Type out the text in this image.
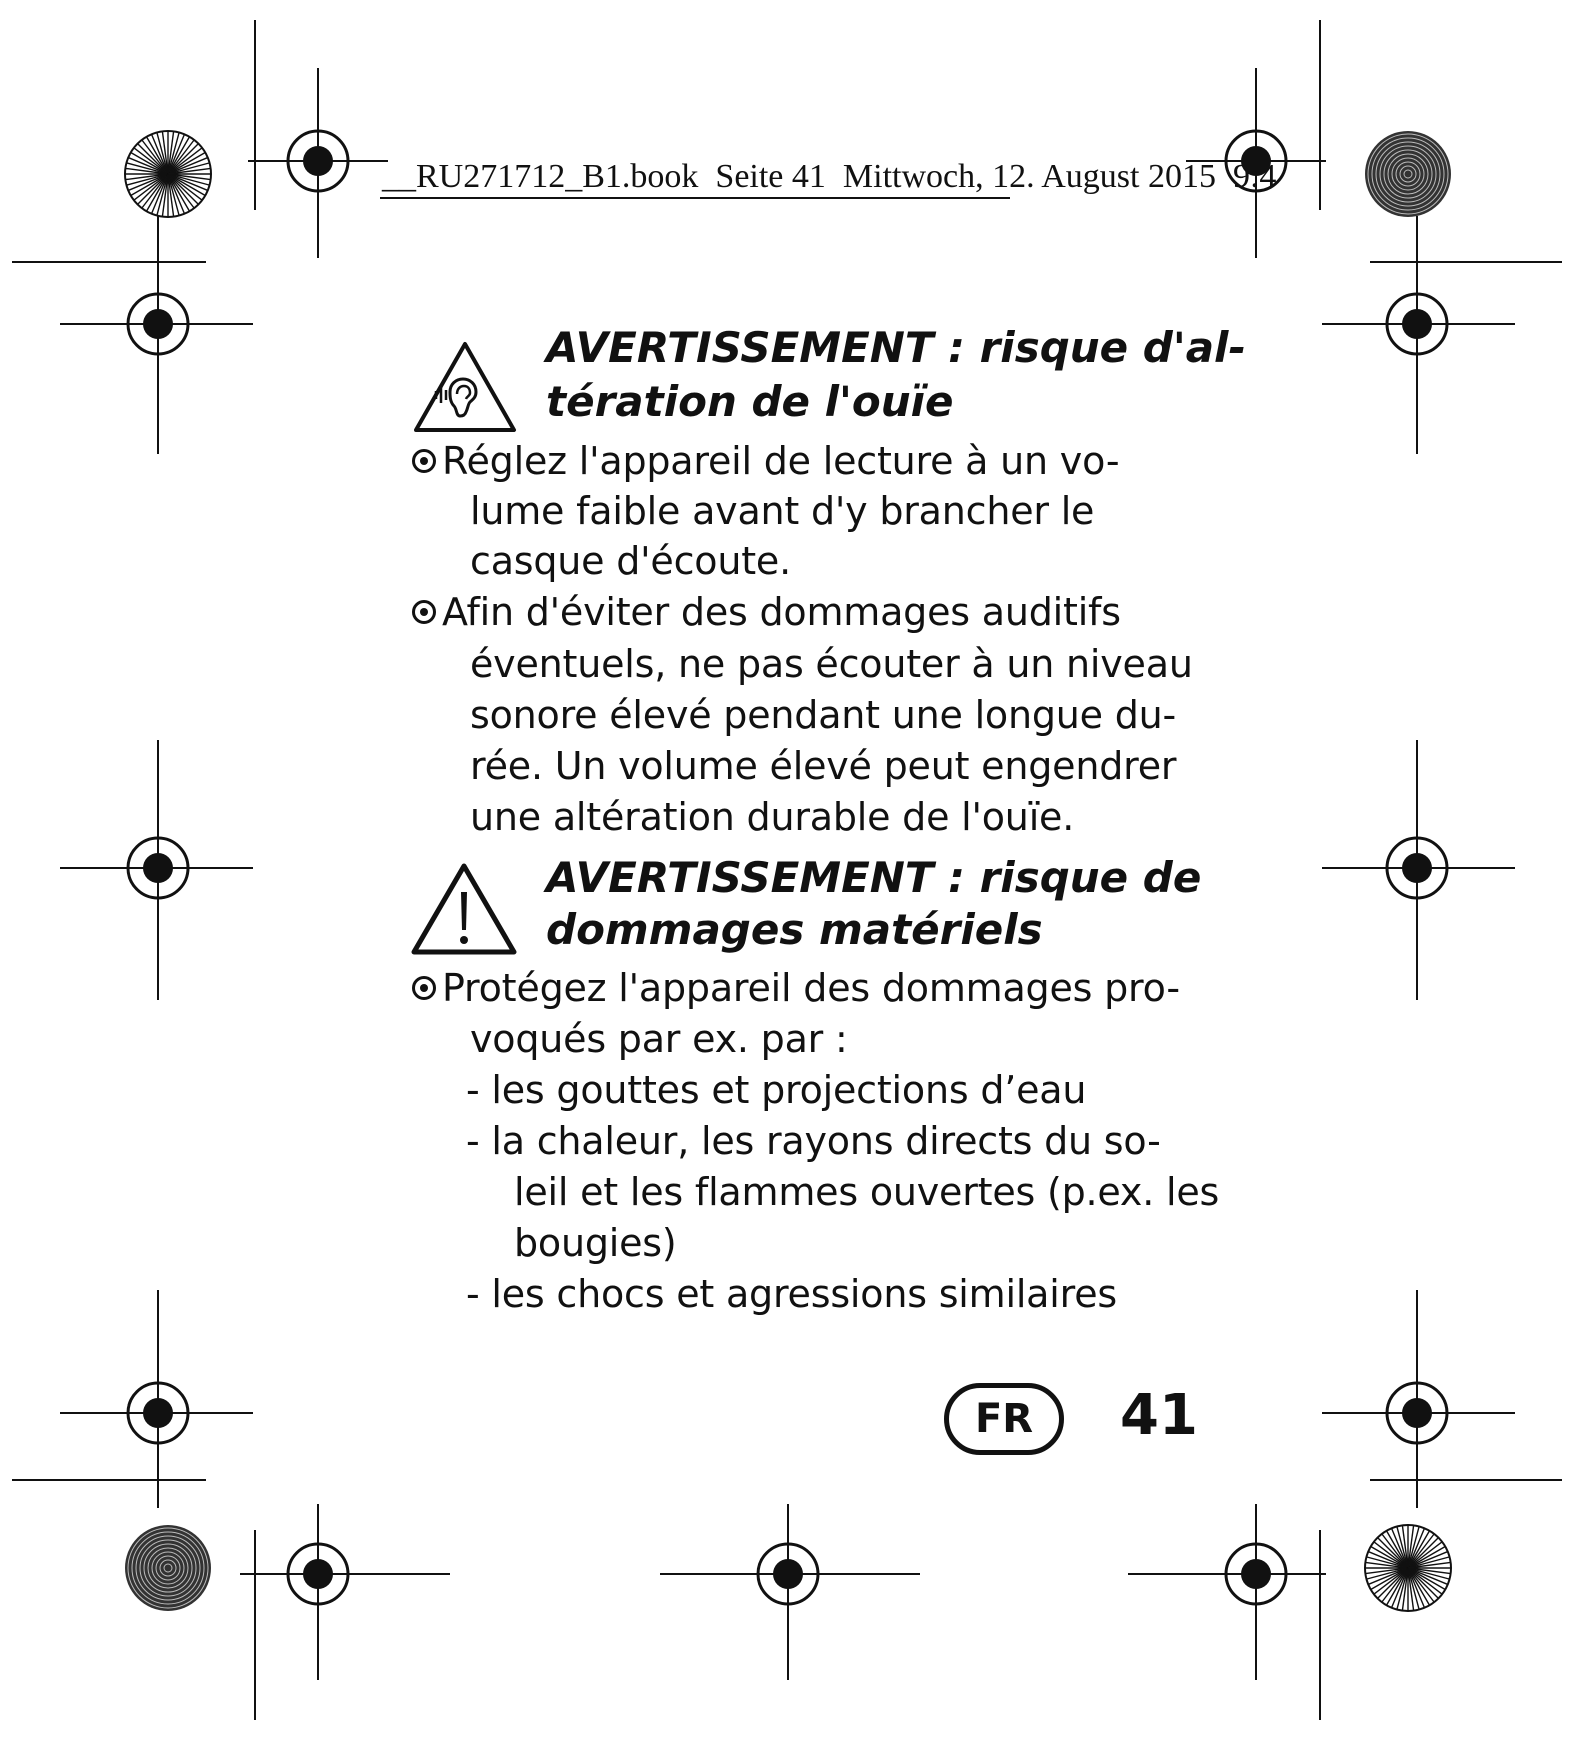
__RU271712_B1.book  Seite 41  Mittwoch, 12. August 2015  9:4
AVERTISSEMENT : risque d'al-
tération de l'ouïe
Réglez l'appareil de lecture à un vo-
lume faible avant d'y brancher le
casque d'écoute.
Afin d'éviter des dommages auditifs
éventuels, ne pas écouter à un niveau
sonore élevé pendant une longue du-
rée. Un volume élevé peut engendrer
une altération durable de l'ouïe.
AVERTISSEMENT : risque de
dommages matériels
Protégez l'appareil des dommages pro-
voqués par ex. par :
- les gouttes et projections d’eau
- la chaleur, les rayons directs du so-
leil et les flammes ouvertes (p.ex. les
bougies)
- les chocs et agressions similaires
FR	41
